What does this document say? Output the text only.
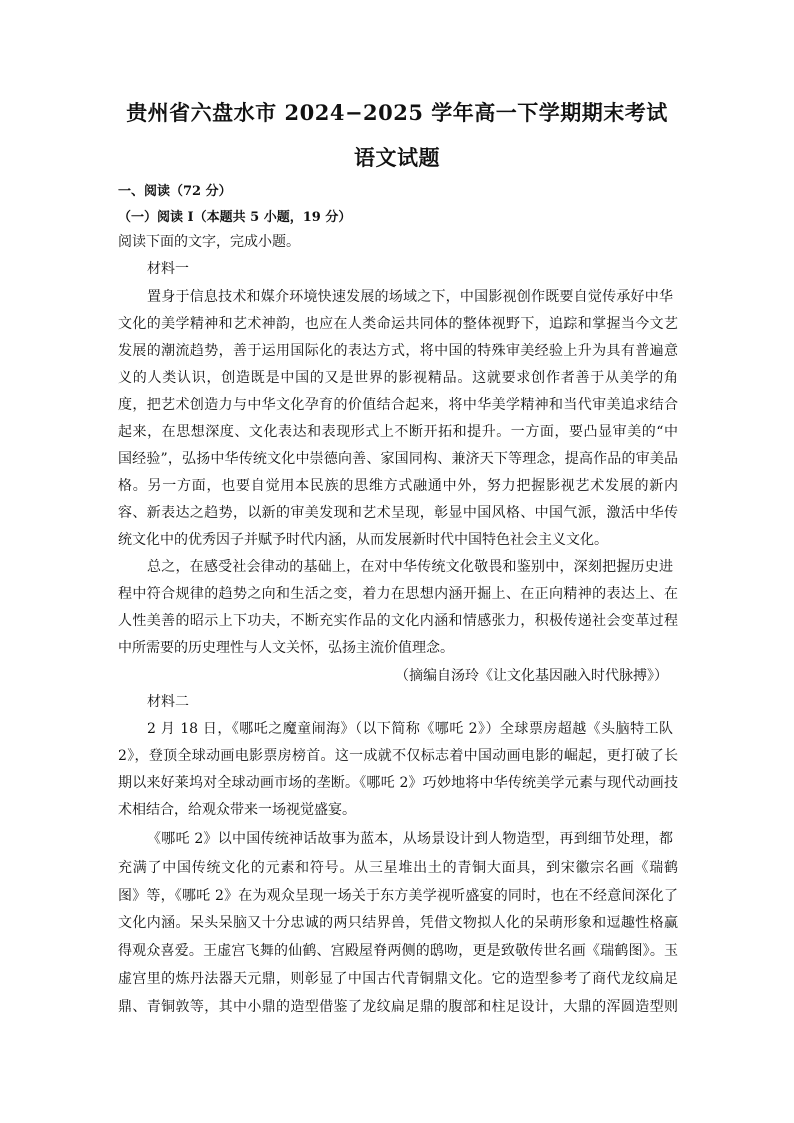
贵州省六盘水市 2024−2025 学年高一下学期期末考试
语文试题
一、阅读（72 分）
（一）阅读 I（本题共 5 小题，19 分）
阅读下面的文字，完成小题。
材料一
置身于信息技术和媒介环境快速发展的场域之下，中国影视创作既要自觉传承好中华
文化的美学精神和艺术神韵，也应在人类命运共同体的整体视野下，追踪和掌握当今文艺
发展的潮流趋势，善于运用国际化的表达方式，将中国的特殊审美经验上升为具有普遍意
义的人类认识，创造既是中国的又是世界的影视精品。这就要求创作者善于从美学的角
度，把艺术创造力与中华文化孕育的价值结合起来，将中华美学精神和当代审美追求结合
起来，在思想深度、文化表达和表现形式上不断开拓和提升。一方面，要凸显审美的“中
国经验”，弘扬中华传统文化中崇德向善、家国同构、兼济天下等理念，提高作品的审美品
格。另一方面，也要自觉用本民族的思维方式融通中外，努力把握影视艺术发展的新内
容、新表达之趋势，以新的审美发现和艺术呈现，彰显中国风格、中国气派，激活中华传
统文化中的优秀因子并赋予时代内涵，从而发展新时代中国特色社会主义文化。
总之，在感受社会律动的基础上，在对中华传统文化敬畏和鉴别中，深刻把握历史进
程中符合规律的趋势之向和生活之变，着力在思想内涵开掘上、在正向精神的表达上、在
人性美善的昭示上下功夫，不断充实作品的文化内涵和情感张力，积极传递社会变革过程
中所需要的历史理性与人文关怀，弘扬主流价值理念。
（摘编自汤玲《让文化基因融入时代脉搏》）
材料二
2 月 18 日，《哪吒之魔童闹海》（以下简称《哪吒 2》）全球票房超越《头脑特工队
2》，登顶全球动画电影票房榜首。这一成就不仅标志着中国动画电影的崛起，更打破了长
期以来好莱坞对全球动画市场的垄断。《哪吒 2》巧妙地将中华传统美学元素与现代动画技
术相结合，给观众带来一场视觉盛宴。
《哪吒 2》以中国传统神话故事为蓝本，从场景设计到人物造型，再到细节处理，都
充满了中国传统文化的元素和符号。从三星堆出土的青铜大面具，到宋徽宗名画《瑞鹤
图》等，《哪吒 2》在为观众呈现一场关于东方美学视听盛宴的同时，也在不经意间深化了
文化内涵。呆头呆脑又十分忠诚的两只结界兽，凭借文物拟人化的呆萌形象和逗趣性格赢
得观众喜爱。王虚宫飞舞的仙鹤、宫殿屋脊两侧的鸱吻，更是致敬传世名画《瑞鹤图》。玉
虚宫里的炼丹法器天元鼎，则彰显了中国古代青铜鼎文化。它的造型参考了商代龙纹扁足
鼎、青铜敦等，其中小鼎的造型借鉴了龙纹扁足鼎的腹部和柱足设计，大鼎的浑圆造型则
